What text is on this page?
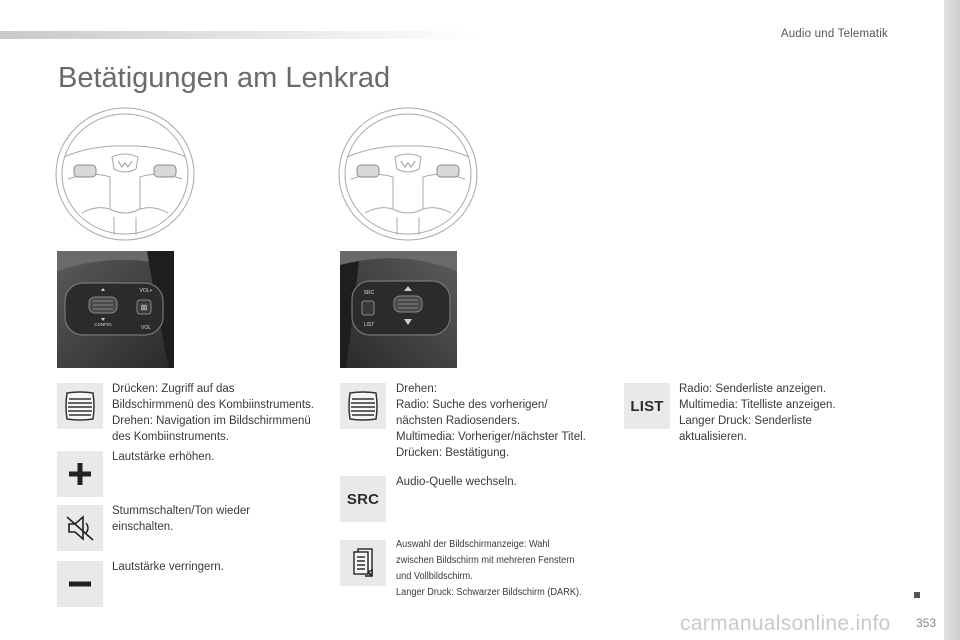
Audio und Telematik
Betätigungen am Lenkrad
⊠
VOL+
VOL
CONFIG
SRC
LIST
Drücken: Zugriff auf das
Bildschirmmenü des Kombiinstruments.
Drehen: Navigation im Bildschirmmenü
des Kombiinstruments.
Lautstärke erhöhen.
Stummschalten/Ton wieder
einschalten.
Lautstärke verringern.
Drehen:
Radio: Suche des vorherigen/
nächsten Radiosenders.
Multimedia: Vorheriger/nächster Titel.
Drücken: Bestätigung.
SRC
Audio-Quelle wechseln.
Auswahl der Bildschirmanzeige: Wahl
zwischen Bildschirm mit mehreren Fenstern
und Vollbildschirm.
Langer Druck: Schwarzer Bildschirm (DARK).
LIST
Radio: Senderliste anzeigen.
Multimedia: Titelliste anzeigen.
Langer Druck: Senderliste
aktualisieren.
353
carmanualsonline.info
